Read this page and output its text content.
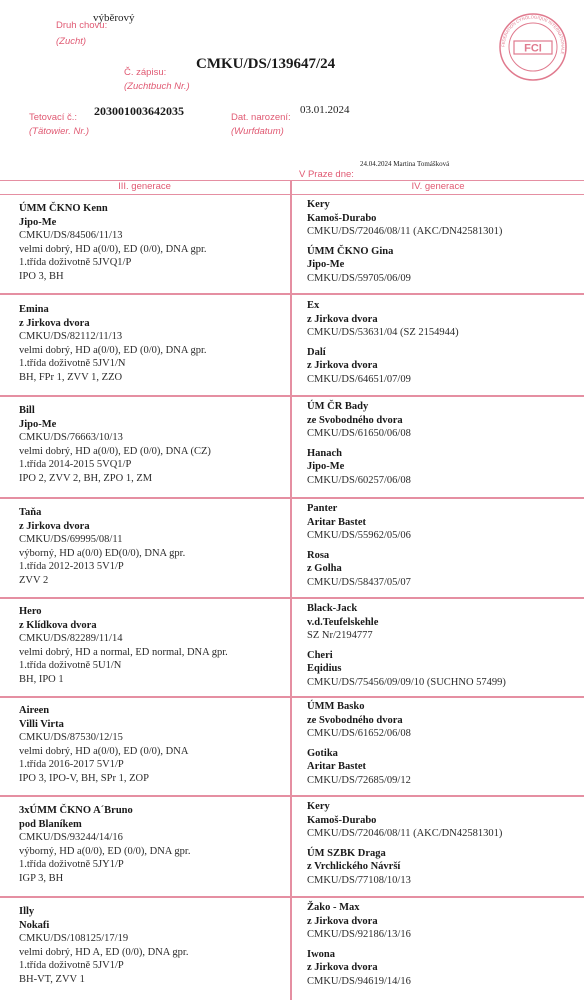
Druh chovu:
výběrový
(Zucht)
Č. zápisu:
(Zuchtbuch Nr.)
CMKU/DS/139647/24
Tetovací č.:
(Tätowier. Nr.)
203001003642035	Dat. narození:
(Wurfdatum)
03.01.2024
24.04.2024 Martina Tomášková
V Praze dne:
FCI
FEDERATION CYNOLOGIQUE INTERNATIONALE
III. generace	IV. generace
ÚMM ČKNO Kenn
Jipo-Me
CMKU/DS/84506/11/13
velmi dobrý, HD a(0/0), ED (0/0), DNA gpr.
1.třída doživotně 5JVQ1/P
IPO 3, BH
Emina
z Jirkova dvora
CMKU/DS/82112/11/13
velmi dobrý, HD a(0/0), ED (0/0), DNA gpr.
1.třída doživotně 5JV1/N
BH, FPr 1, ZVV 1, ZZO
Bill
Jipo-Me
CMKU/DS/76663/10/13
velmi dobrý, HD a(0/0), ED (0/0), DNA (CZ)
1.třída 2014-2015 5VQ1/P
IPO 2, ZVV 2, BH, ZPO 1, ZM
Taňa
z Jirkova dvora
CMKU/DS/69995/08/11
výborný, HD a(0/0) ED(0/0), DNA gpr.
1.třída 2012-2013 5V1/P
ZVV 2
Hero
z Klídkova dvora
CMKU/DS/82289/11/14
velmi dobrý, HD a normal, ED normal, DNA gpr.
1.třída doživotně 5U1/N
BH, IPO 1
Aireen
Villi Virta
CMKU/DS/87530/12/15
velmi dobrý, HD a(0/0), ED (0/0), DNA
1.třída 2016-2017 5V1/P
IPO 3, IPO-V, BH, SPr 1, ZOP
3xÚMM ČKNO A´Bruno
pod Blaníkem
CMKU/DS/93244/14/16
výborný, HD a(0/0), ED (0/0), DNA gpr.
1.třída doživotně 5JY1/P
IGP 3, BH
Illy
Nokafi
CMKU/DS/108125/17/19
velmi dobrý, HD A, ED (0/0), DNA gpr.
1.třída doživotně 5JV1/P
BH-VT, ZVV 1
Kery
Kamoš-Durabo
CMKU/DS/72046/08/11 (AKC/DN42581301)
ÚMM ČKNO Gina
Jipo-Me
CMKU/DS/59705/06/09
Ex
z Jirkova dvora
CMKU/DS/53631/04 (SZ 2154944)
Dalí
z Jirkova dvora
CMKU/DS/64651/07/09
ÚM ČR Bady
ze Svobodného dvora
CMKU/DS/61650/06/08
Hanach
Jipo-Me
CMKU/DS/60257/06/08
Panter
Aritar Bastet
CMKU/DS/55962/05/06
Rosa
z Golha
CMKU/DS/58437/05/07
Black-Jack
v.d.Teufelskehle
SZ Nr/2194777
Cheri
Eqidius
CMKU/DS/75456/09/09/10 (SUCHNO 57499)
ÚMM Basko
ze Svobodného dvora
CMKU/DS/61652/06/08
Gotika
Aritar Bastet
CMKU/DS/72685/09/12
Kery
Kamoš-Durabo
CMKU/DS/72046/08/11 (AKC/DN42581301)
ÚM SZBK Draga
z Vrchlického Návrší
CMKU/DS/77108/10/13
Žako - Max
z Jirkova dvora
CMKU/DS/92186/13/16
Iwona
z Jirkova dvora
CMKU/DS/94619/14/16
